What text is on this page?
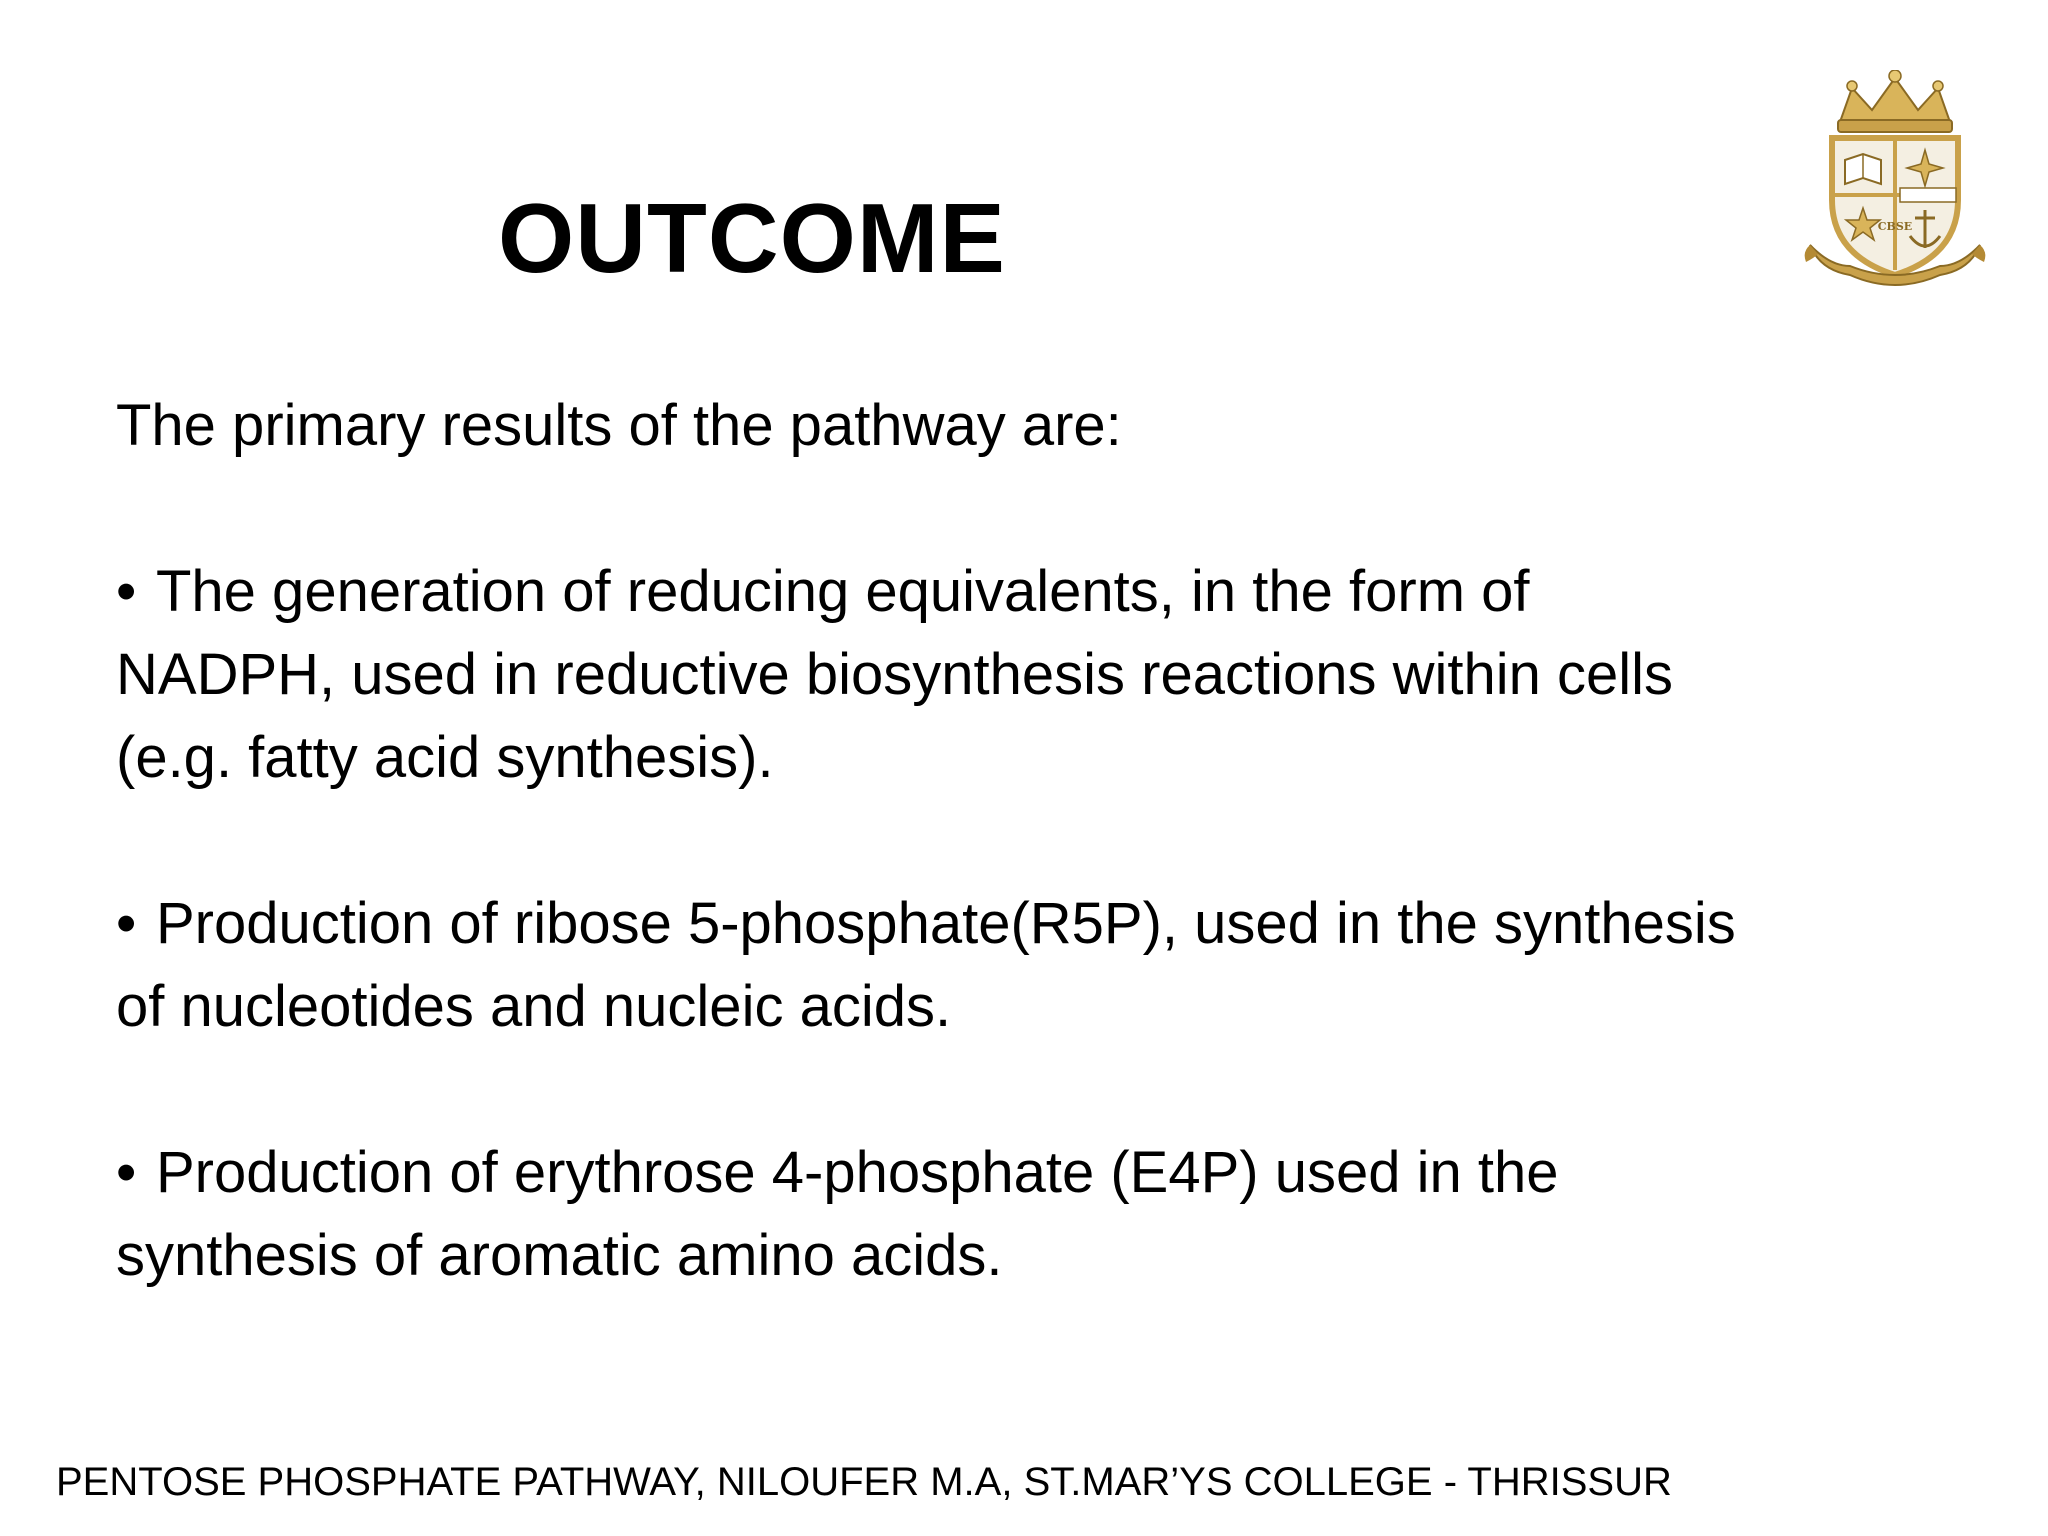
OUTCOME	CBSE

The primary results of the pathway are:

• The generation of reducing equivalents, in the form of NADPH, used in reductive biosynthesis reactions within cells (e.g. fatty acid synthesis).

• Production of ribose 5-phosphate(R5P), used in the synthesis of nucleotides and nucleic acids.

• Production of erythrose 4-phosphate (E4P) used in the synthesis of aromatic amino acids.

PENTOSE PHOSPHATE PATHWAY, NILOUFER M.A, ST.MAR’YS COLLEGE - THRISSUR
